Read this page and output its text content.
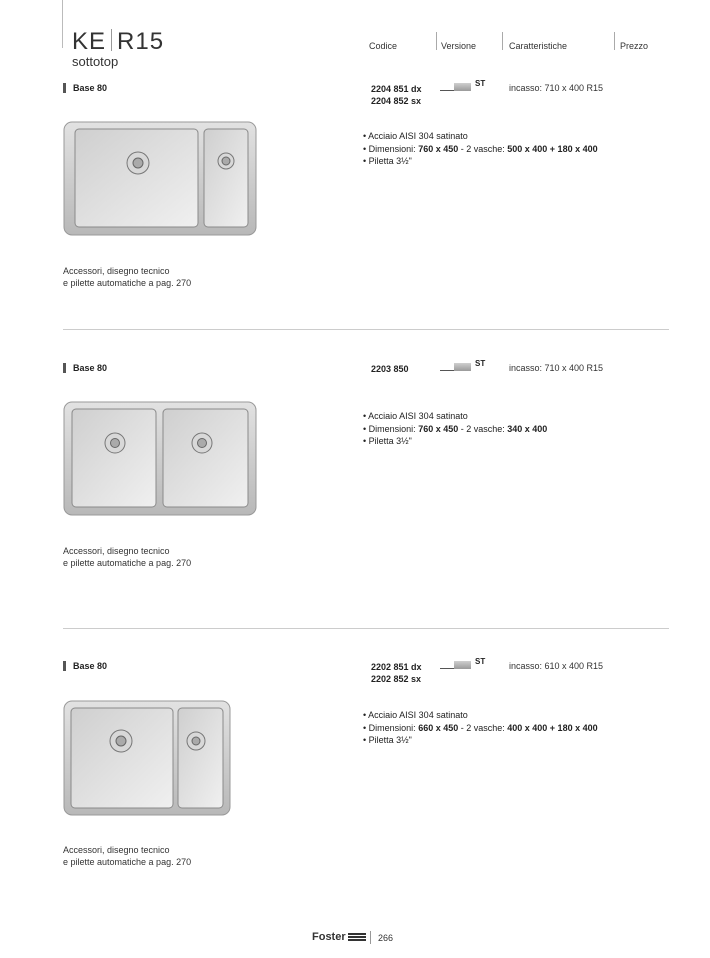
KE R15
sottotop
Codice	Versione	Caratteristiche	Prezzo
Base 80	2204 851 dx
2204 852 sx
ST	incasso: 710 x 400 R15
• Acciaio AISI 304 satinato
• Dimensioni: 760 x 450 - 2 vasche: 500 x 400 + 180 x 400
• Piletta 3½"
Accessori, disegno tecnico
e pilette automatiche a pag. 270
Base 80	2203 850
ST	incasso: 710 x 400 R15
• Acciaio AISI 304 satinato
• Dimensioni: 760 x 450 - 2 vasche: 340 x 400
• Piletta 3½"
Accessori, disegno tecnico
e pilette automatiche a pag. 270
Base 80	2202 851 dx
2202 852 sx
ST	incasso: 610 x 400 R15
• Acciaio AISI 304 satinato
• Dimensioni: 660 x 450 - 2 vasche: 400 x 400 + 180 x 400
• Piletta 3½"
Accessori, disegno tecnico
e pilette automatiche a pag. 270
Foster	266
